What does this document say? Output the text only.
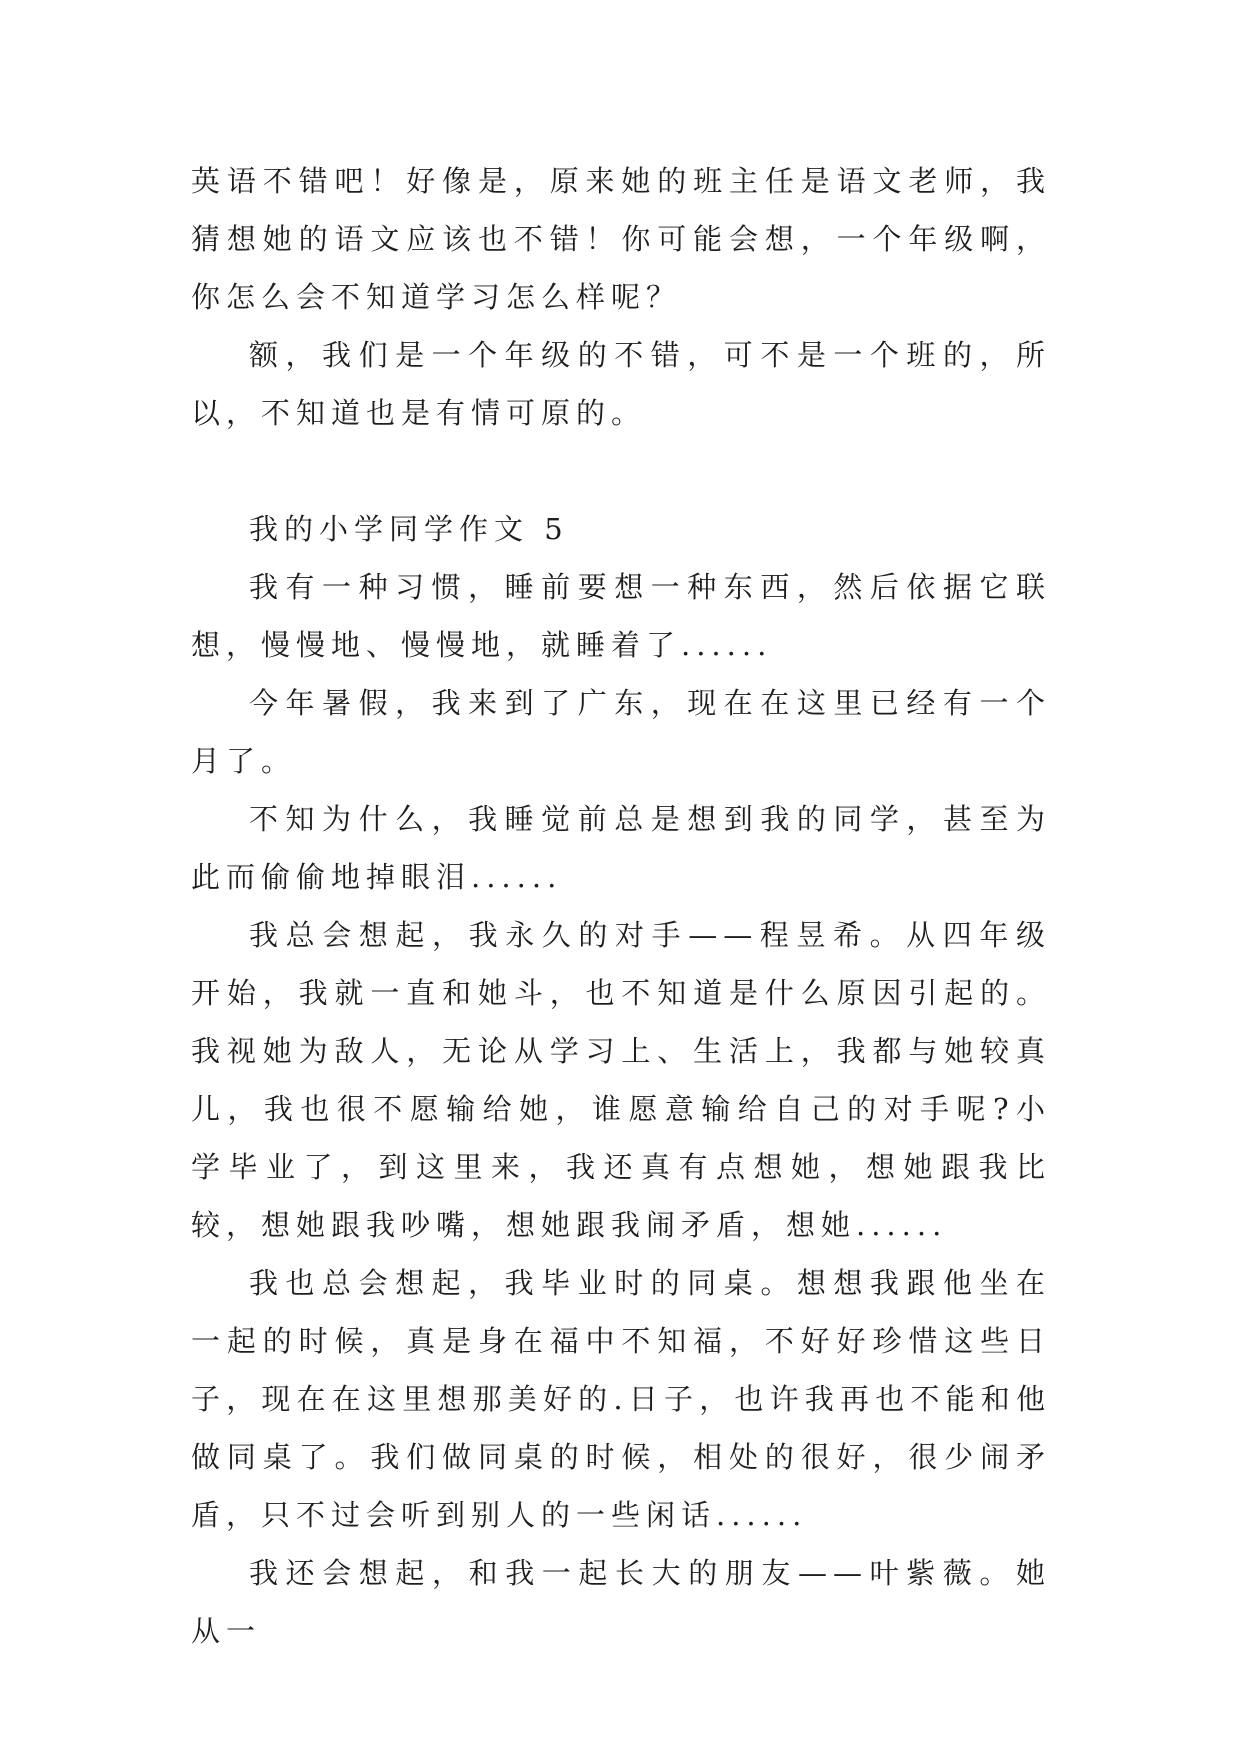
英语不错吧！好像是，原来她的班主任是语文老师，我猜想她的语文应该也不错！你可能会想，一个年级啊，你怎么会不知道学习怎么样呢？

额，我们是一个年级的不错，可不是一个班的，所以，不知道也是有情可原的。

我的小学同学作文 5

我有一种习惯，睡前要想一种东西，然后依据它联想，慢慢地、慢慢地，就睡着了......

今年暑假，我来到了广东，现在在这里已经有一个月了。

不知为什么，我睡觉前总是想到我的同学，甚至为此而偷偷地掉眼泪......

我总会想起，我永久的对手——程昱希。从四年级开始，我就一直和她斗，也不知道是什么原因引起的。我视她为敌人，无论从学习上、生活上，我都与她较真儿，我也很不愿输给她，谁愿意输给自己的对手呢?小学毕业了，到这里来，我还真有点想她，想她跟我比较，想她跟我吵嘴，想她跟我闹矛盾，想她......

我也总会想起，我毕业时的同桌。想想我跟他坐在一起的时候，真是身在福中不知福，不好好珍惜这些日子，现在在这里想那美好的.日子，也许我再也不能和他做同桌了。我们做同桌的时候，相处的很好，很少闹矛盾，只不过会听到别人的一些闲话......

我还会想起，和我一起长大的朋友——叶紫薇。她从一
